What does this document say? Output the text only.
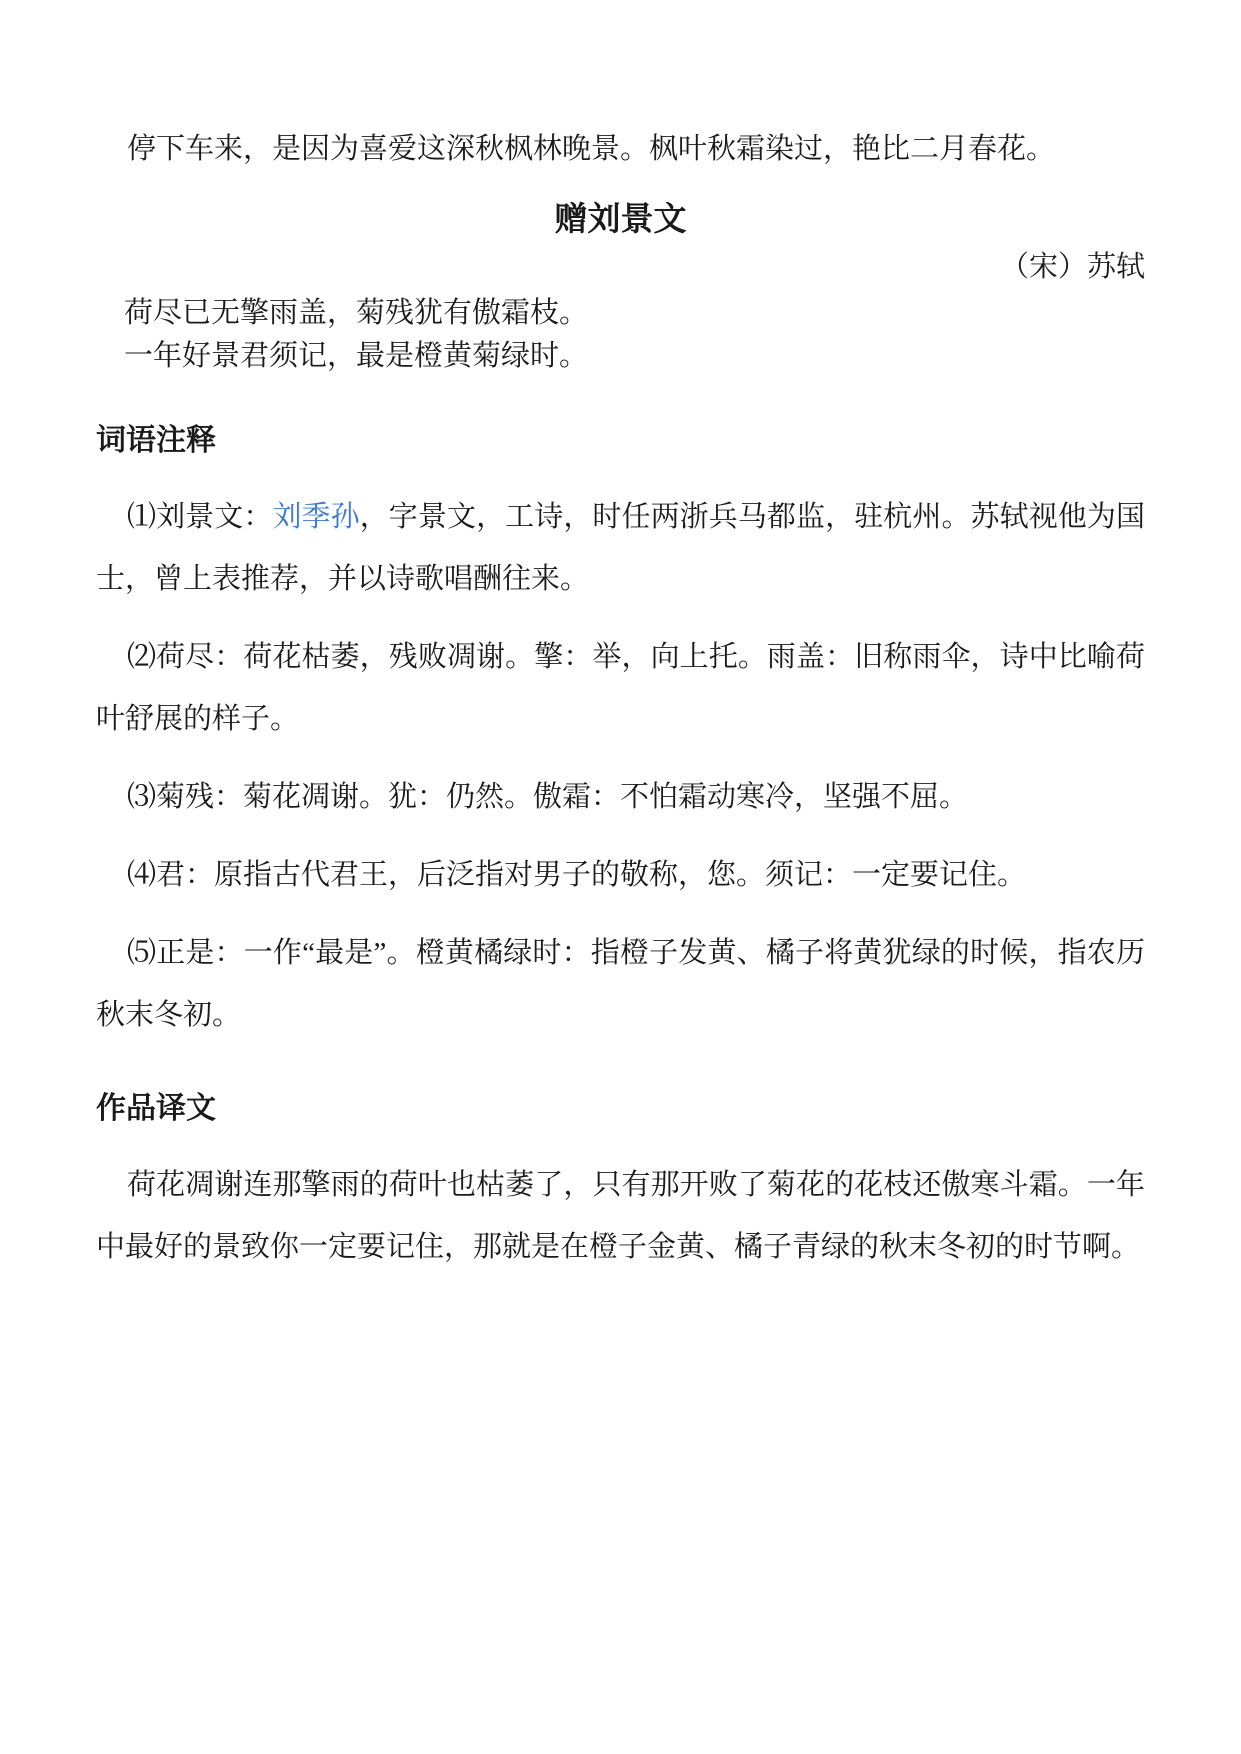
停下车来，是因为喜爱这深秋枫林晚景。枫叶秋霜染过，艳比二月春花。

赠刘景文
（宋）苏轼
荷尽已无擎雨盖，菊残犹有傲霜枝。
一年好景君须记，最是橙黄菊绿时。
词语注释

⑴刘景文：刘季孙，字景文，工诗，时任两浙兵马都监，驻杭州。苏轼视他为国士，曾上表推荐，并以诗歌唱酬往来。

⑵荷尽：荷花枯萎，残败凋谢。擎：举，向上托。雨盖：旧称雨伞，诗中比喻荷叶舒展的样子。

⑶菊残：菊花凋谢。犹：仍然。傲霜：不怕霜动寒冷，坚强不屈。

⑷君：原指古代君王，后泛指对男子的敬称，您。须记：一定要记住。

⑸正是：一作“最是”。橙黄橘绿时：指橙子发黄、橘子将黄犹绿的时候，指农历秋末冬初。

作品译文

荷花凋谢连那擎雨的荷叶也枯萎了，只有那开败了菊花的花枝还傲寒斗霜。一年中最好的景致你一定要记住，那就是在橙子金黄、橘子青绿的秋末冬初的时节啊。
